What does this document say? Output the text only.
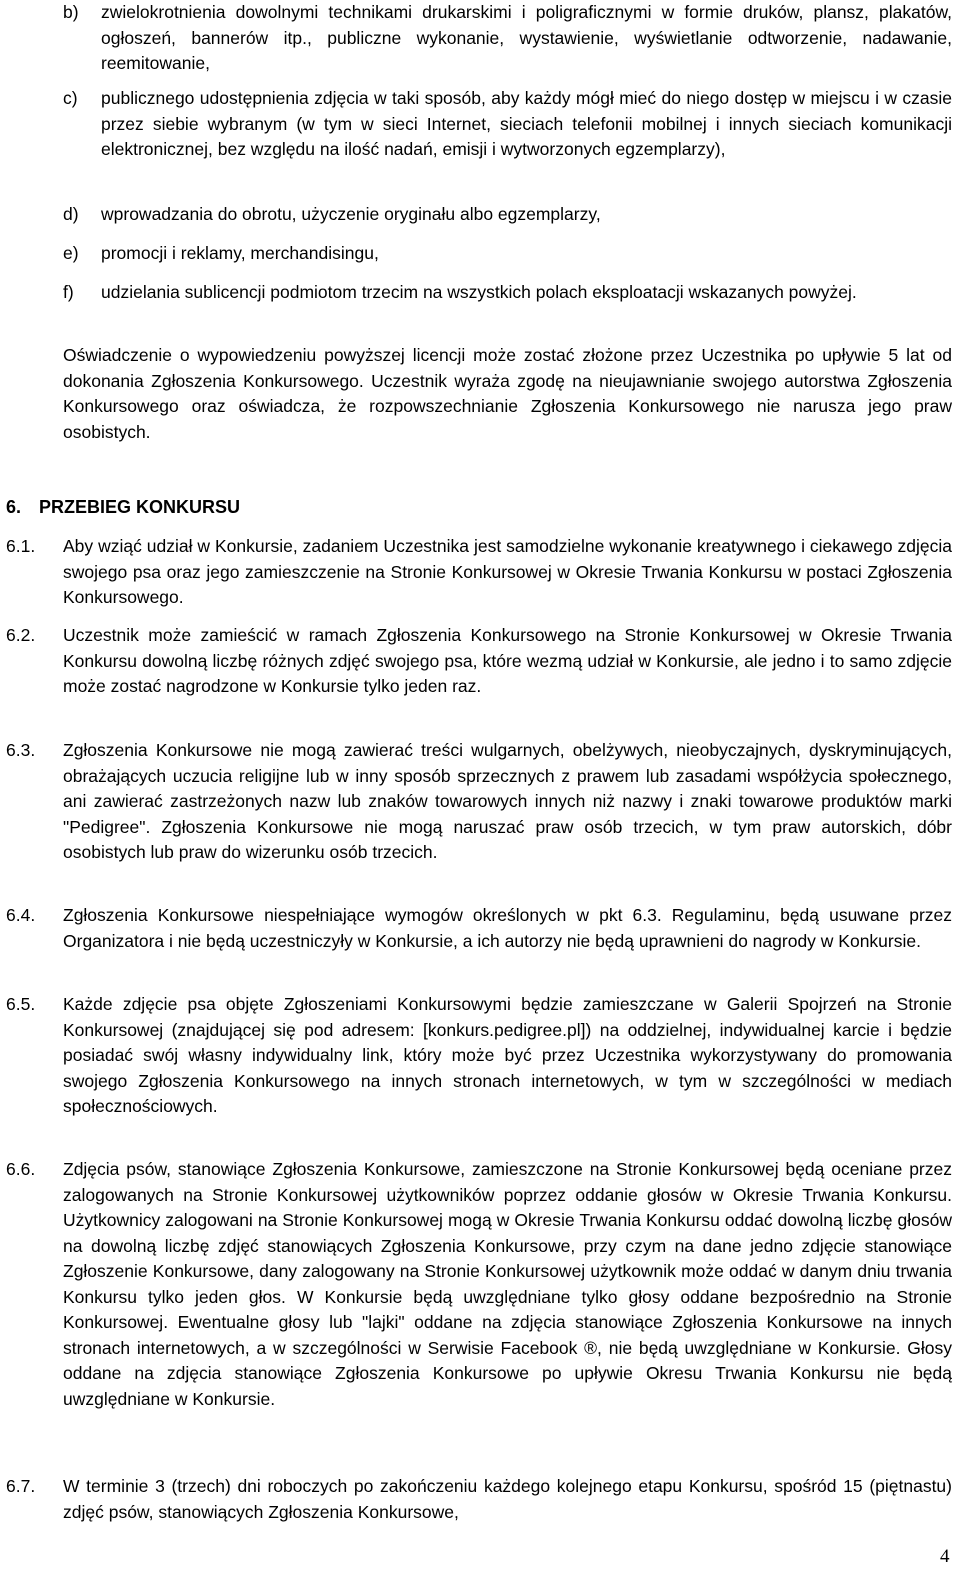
b) zwielokrotnienia dowolnymi technikami drukarskimi i poligraficznymi w formie druków, plansz, plakatów, ogłoszeń, bannerów itp., publiczne wykonanie, wystawienie, wyświetlanie odtworzenie, nadawanie, reemitowanie,
c) publicznego udostępnienia zdjęcia w taki sposób, aby każdy mógł mieć do niego dostęp w miejscu i w czasie przez siebie wybranym (w tym w sieci Internet, sieciach telefonii mobilnej i innych sieciach komunikacji elektronicznej, bez względu na ilość nadań, emisji i wytworzonych egzemplarzy),
d) wprowadzania do obrotu, użyczenie oryginału albo egzemplarzy,
e) promocji i reklamy, merchandisingu,
f) udzielania sublicencji podmiotom trzecim na wszystkich polach eksploatacji wskazanych powyżej.
Oświadczenie o wypowiedzeniu powyższej licencji może zostać złożone przez Uczestnika po upływie 5 lat od dokonania Zgłoszenia Konkursowego. Uczestnik wyraża zgodę na nieujawnianie swojego autorstwa Zgłoszenia Konkursowego oraz oświadcza, że rozpowszechnianie Zgłoszenia Konkursowego nie narusza jego praw osobistych.
6. PRZEBIEG KONKURSU
6.1. Aby wziąć udział w Konkursie, zadaniem Uczestnika jest samodzielne wykonanie kreatywnego i ciekawego zdjęcia swojego psa oraz jego zamieszczenie na Stronie Konkursowej w Okresie Trwania Konkursu w postaci Zgłoszenia Konkursowego.
6.2. Uczestnik może zamieścić w ramach Zgłoszenia Konkursowego na Stronie Konkursowej w Okresie Trwania Konkursu dowolną liczbę różnych zdjęć swojego psa, które wezmą udział w Konkursie, ale jedno i to samo zdjęcie może zostać nagrodzone w Konkursie tylko jeden raz.
6.3. Zgłoszenia Konkursowe nie mogą zawierać treści wulgarnych, obelżywych, nieobyczajnych, dyskryminujących, obrażających uczucia religijne lub w inny sposób sprzecznych z prawem lub zasadami współżycia społecznego, ani zawierać zastrzeżonych nazw lub znaków towarowych innych niż nazwy i znaki towarowe produktów marki "Pedigree". Zgłoszenia Konkursowe nie mogą naruszać praw osób trzecich, w tym praw autorskich, dóbr osobistych lub praw do wizerunku osób trzecich.
6.4. Zgłoszenia Konkursowe niespełniające wymogów określonych w pkt 6.3. Regulaminu, będą usuwane przez Organizatora i nie będą uczestniczyły w Konkursie, a ich autorzy nie będą uprawnieni do nagrody w Konkursie.
6.5. Każde zdjęcie psa objęte Zgłoszeniami Konkursowymi będzie zamieszczane w Galerii Spojrzeń na Stronie Konkursowej (znajdującej się pod adresem: [konkurs.pedigree.pl]) na oddzielnej, indywidualnej karcie i będzie posiadać swój własny indywidualny link, który może być przez Uczestnika wykorzystywany do promowania swojego Zgłoszenia Konkursowego na innych stronach internetowych, w tym w szczególności w mediach społecznościowych.
6.6. Zdjęcia psów, stanowiące Zgłoszenia Konkursowe, zamieszczone na Stronie Konkursowej będą oceniane przez zalogowanych na Stronie Konkursowej użytkowników poprzez oddanie głosów w Okresie Trwania Konkursu. Użytkownicy zalogowani na Stronie Konkursowej mogą w Okresie Trwania Konkursu oddać dowolną liczbę głosów na dowolną liczbę zdjęć stanowiących Zgłoszenia Konkursowe, przy czym na dane jedno zdjęcie stanowiące Zgłoszenie Konkursowe, dany zalogowany na Stronie Konkursowej użytkownik może oddać w danym dniu trwania Konkursu tylko jeden głos. W Konkursie będą uwzględniane tylko głosy oddane bezpośrednio na Stronie Konkursowej. Ewentualne głosy lub "lajki" oddane na zdjęcia stanowiące Zgłoszenia Konkursowe na innych stronach internetowych, a w szczególności w Serwisie Facebook ®, nie będą uwzględniane w Konkursie. Głosy oddane na zdjęcia stanowiące Zgłoszenia Konkursowe po upływie Okresu Trwania Konkursu nie będą uwzględniane w Konkursie.
6.7. W terminie 3 (trzech) dni roboczych po zakończeniu każdego kolejnego etapu Konkursu, spośród 15 (piętnastu) zdjęć psów, stanowiących Zgłoszenia Konkursowe,
4
